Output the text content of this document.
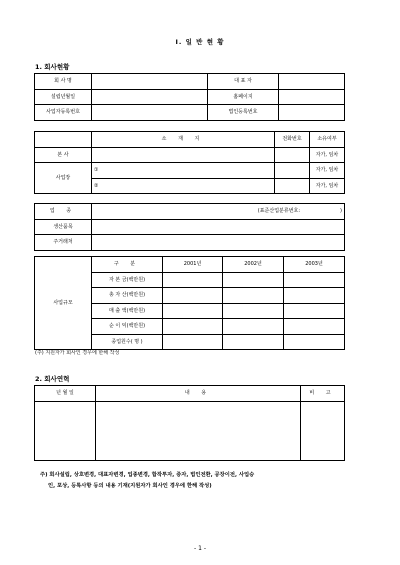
Ⅰ. 일 반 현 황
1. 회사현황
회 사 명		대 표 자	
설립년월일		홈페이지	
사업자등록번호		법인등록번호	
	소 재 지	전화번호	소유여부
본 사			자가, 임차
사업장	①		자가, 임차
	②		자가, 임차
업 종	(표준산업분류번호: )
생산품목	
주거래처	
사업규모	구 분	2001년	2002년	2003년
	자 본 금(백만원)			
	총 자 산(백만원)			
	매 출 액(백만원)			
	순 이 익(백만원)			
	종업원수( 명 )			
(주) 지원자가 회사인 경우에 한해 작성
2. 회사연혁
년 월 일	내 용	비 고

주) 회사설립, 상호변경, 대표자변경, 업종변경, 합작투자, 증자, 법인전환, 공장이전, 사업승
인, 포상, 등록사항 등의 내용 기재(지원자가 회사인 경우에 한해 작성)
- 1 -
